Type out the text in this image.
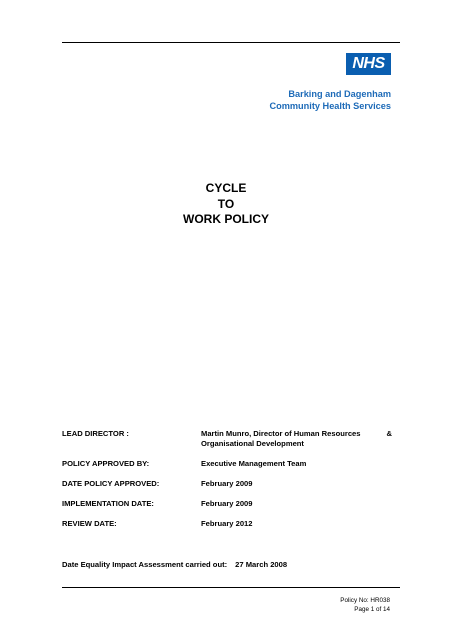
NHS
Barking and Dagenham
Community Health Services
CYCLE
TO
WORK POLICY
LEAD DIRECTOR :	Martin Munro, Director of Human Resources	&
Organisational Development
POLICY APPROVED BY:	Executive Management Team
DATE POLICY APPROVED:	February 2009
IMPLEMENTATION DATE:	February 2009
REVIEW DATE:	February 2012
Date Equality Impact Assessment carried out: 27 March 2008
Policy No: HR038
Page 1 of 14
